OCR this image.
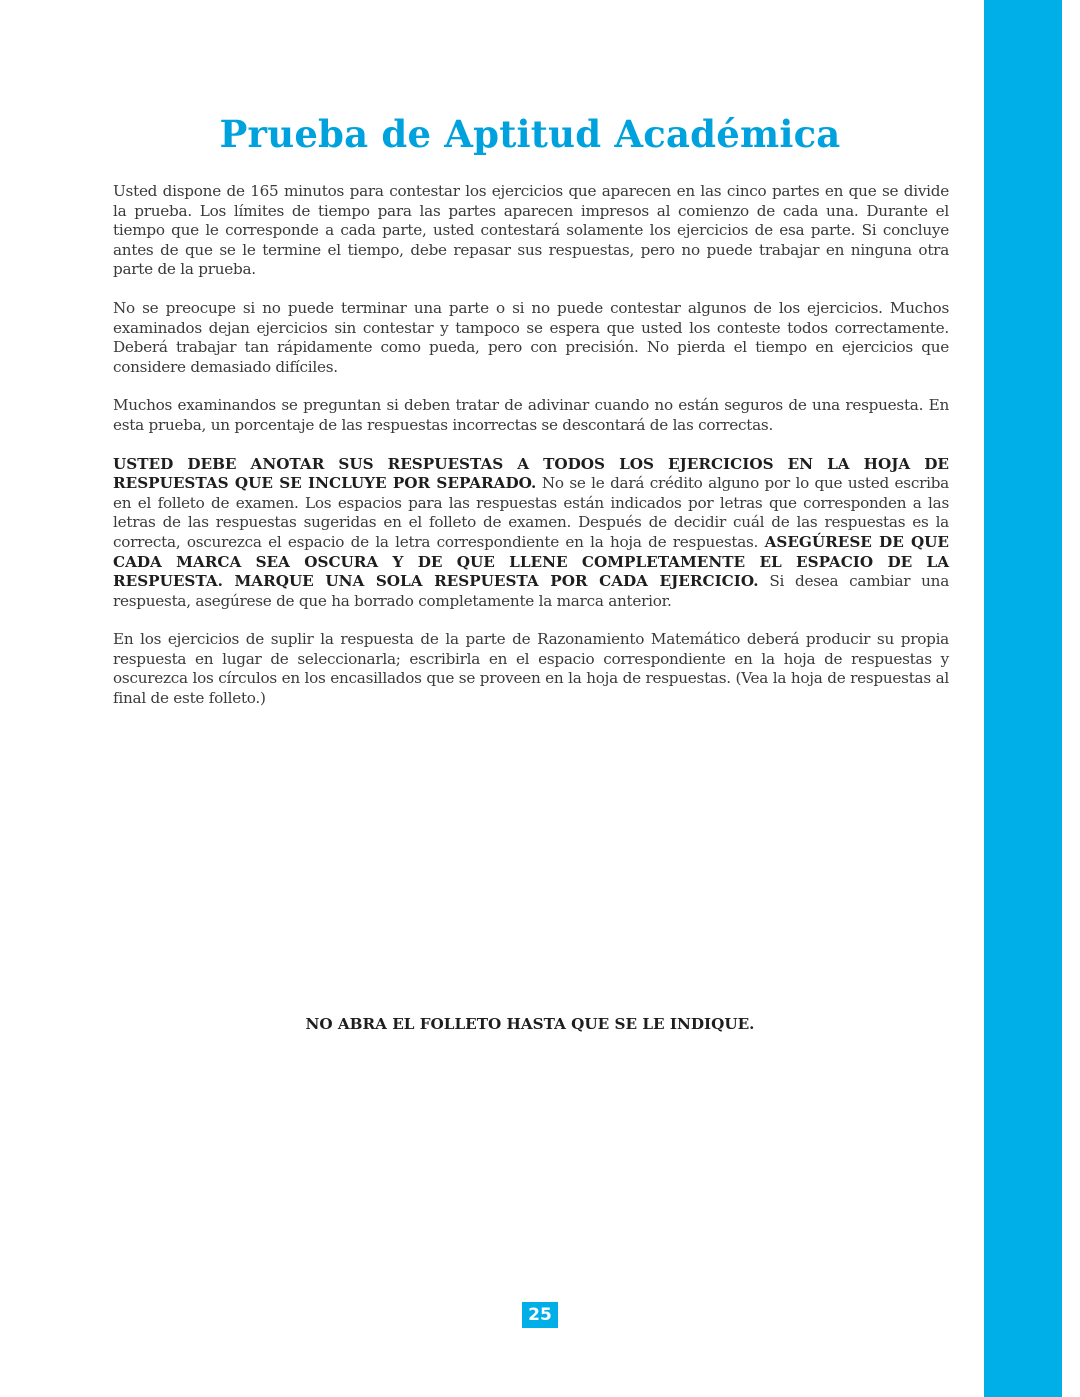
Prueba de Aptitud Académica

Usted dispone de 165 minutos para contestar los ejercicios que aparecen en las cinco partes en que se divide la prueba. Los límites de tiempo para las partes aparecen impresos al comienzo de cada una. Durante el tiempo que le corresponde a cada parte, usted contestará solamente los ejercicios de esa parte. Si concluye antes de que se le termine el tiempo, debe repasar sus respuestas, pero no puede trabajar en ninguna otra parte de la prueba.

No se preocupe si no puede terminar una parte o si no puede contestar algunos de los ejercicios. Muchos examinados dejan ejercicios sin contestar y tampoco se espera que usted los conteste todos correctamente. Deberá trabajar tan rápidamente como pueda, pero con precisión. No pierda el tiempo en ejercicios que considere demasiado difíciles.

Muchos examinandos se preguntan si deben tratar de adivinar cuando no están seguros de una respuesta. En esta prueba, un porcentaje de las respuestas incorrectas se descontará de las correctas.

USTED DEBE ANOTAR SUS RESPUESTAS A TODOS LOS EJERCICIOS EN LA HOJA DE RESPUESTAS QUE SE INCLUYE POR SEPARADO. No se le dará crédito alguno por lo que usted escriba en el folleto de examen. Los espacios para las respuestas están indicados por letras que corresponden a las letras de las respuestas sugeridas en el folleto de examen. Después de decidir cuál de las respuestas es la correcta, oscurezca el espacio de la letra correspondiente en la hoja de respuestas. ASEGÚRESE DE QUE CADA MARCA SEA OSCURA Y DE QUE LLENE COMPLETAMENTE EL ESPACIO DE LA RESPUESTA. MARQUE UNA SOLA RESPUESTA POR CADA EJERCICIO. Si desea cambiar una respuesta, asegúrese de que ha borrado completamente la marca anterior.

En los ejercicios de suplir la respuesta de la parte de Razonamiento Matemático deberá producir su propia respuesta en lugar de seleccionarla; escribirla en el espacio correspondiente en la hoja de respuestas y oscurezca los círculos en los encasillados que se proveen en la hoja de respuestas. (Vea la hoja de respuestas al final de este folleto.)

NO ABRA EL FOLLETO HASTA QUE SE LE INDIQUE.
25
